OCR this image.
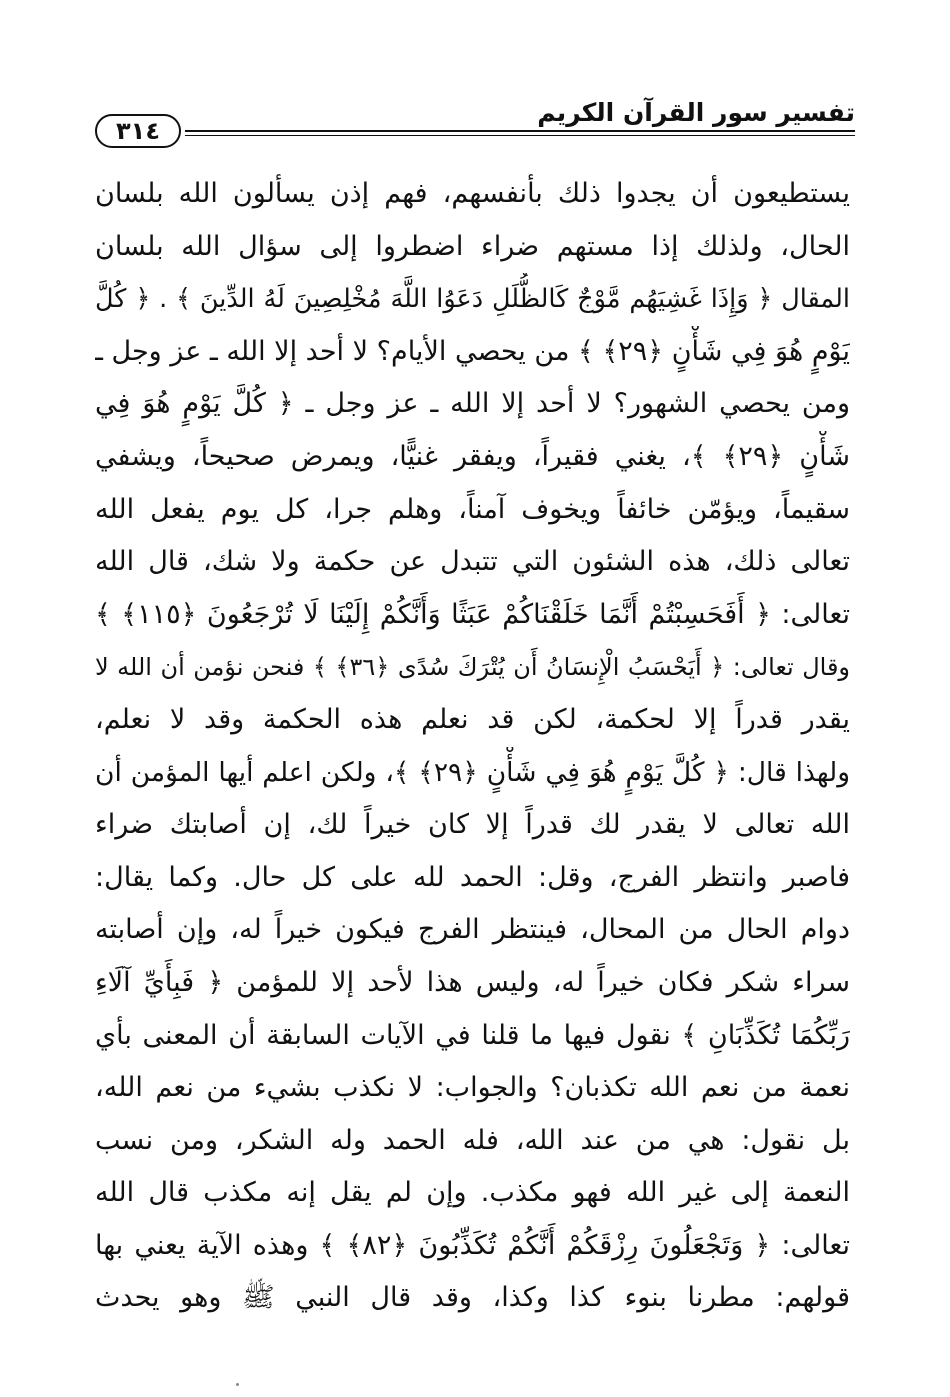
تفسير سور القرآن الكريم
٣١٤
يستطيعون أن يجدوا ذلك بأنفسهم، فهم إذن يسألون الله بلسان
الحال، ولذلك إذا مستهم ضراء اضطروا إلى سؤال الله بلسان
المقال ﴿ وَإِذَا غَشِيَهُم مَّوْجٌ كَالظُّلَلِ دَعَوُا اللَّهَ مُخْلِصِينَ لَهُ الدِّينَ ﴾ . ﴿ كُلَّ
يَوْمٍ هُوَ فِي شَأْنٍ ﴿٢٩﴾ ﴾ من يحصي الأيام؟ لا أحد إلا الله ـ عز وجل ـ
ومن يحصي الشهور؟ لا أحد إلا الله ـ عز وجل ـ ﴿ كُلَّ يَوْمٍ هُوَ فِي
شَأْنٍ ﴿٢٩﴾ ﴾، يغني فقيراً، ويفقر غنيًّا، ويمرض صحيحاً، ويشفي
سقيماً، ويؤمّن خائفاً ويخوف آمناً، وهلم جرا، كل يوم يفعل الله
تعالى ذلك، هذه الشئون التي تتبدل عن حكمة ولا شك، قال الله
تعالى: ﴿ أَفَحَسِبْتُمْ أَنَّمَا خَلَقْنَاكُمْ عَبَثًا وَأَنَّكُمْ إِلَيْنَا لَا تُرْجَعُونَ ﴿١١٥﴾ ﴾
وقال تعالى: ﴿ أَيَحْسَبُ الْإِنسَانُ أَن يُتْرَكَ سُدًى ﴿٣٦﴾ ﴾ فنحن نؤمن أن الله لا
يقدر قدراً إلا لحكمة، لكن قد نعلم هذه الحكمة وقد لا نعلم،
ولهذا قال: ﴿ كُلَّ يَوْمٍ هُوَ فِي شَأْنٍ ﴿٢٩﴾ ﴾، ولكن اعلم أيها المؤمن أن
الله تعالى لا يقدر لك قدراً إلا كان خيراً لك، إن أصابتك ضراء
فاصبر وانتظر الفرج، وقل: الحمد لله على كل حال. وكما يقال:
دوام الحال من المحال، فينتظر الفرج فيكون خيراً له، وإن أصابته
سراء شكر فكان خيراً له، وليس هذا لأحد إلا للمؤمن ﴿ فَبِأَيِّ آلَاءِ
رَبِّكُمَا تُكَذِّبَانِ ﴾ نقول فيها ما قلنا في الآيات السابقة أن المعنى بأي
نعمة من نعم الله تكذبان؟ والجواب: لا نكذب بشيء من نعم الله،
بل نقول: هي من عند الله، فله الحمد وله الشكر، ومن نسب
النعمة إلى غير الله فهو مكذب. وإن لم يقل إنه مكذب قال الله
تعالى: ﴿ وَتَجْعَلُونَ رِزْقَكُمْ أَنَّكُمْ تُكَذِّبُونَ ﴿٨٢﴾ ﴾ وهذه الآية يعني بها
قولهم: مطرنا بنوء كذا وكذا، وقد قال النبي ﷺ وهو يحدث
